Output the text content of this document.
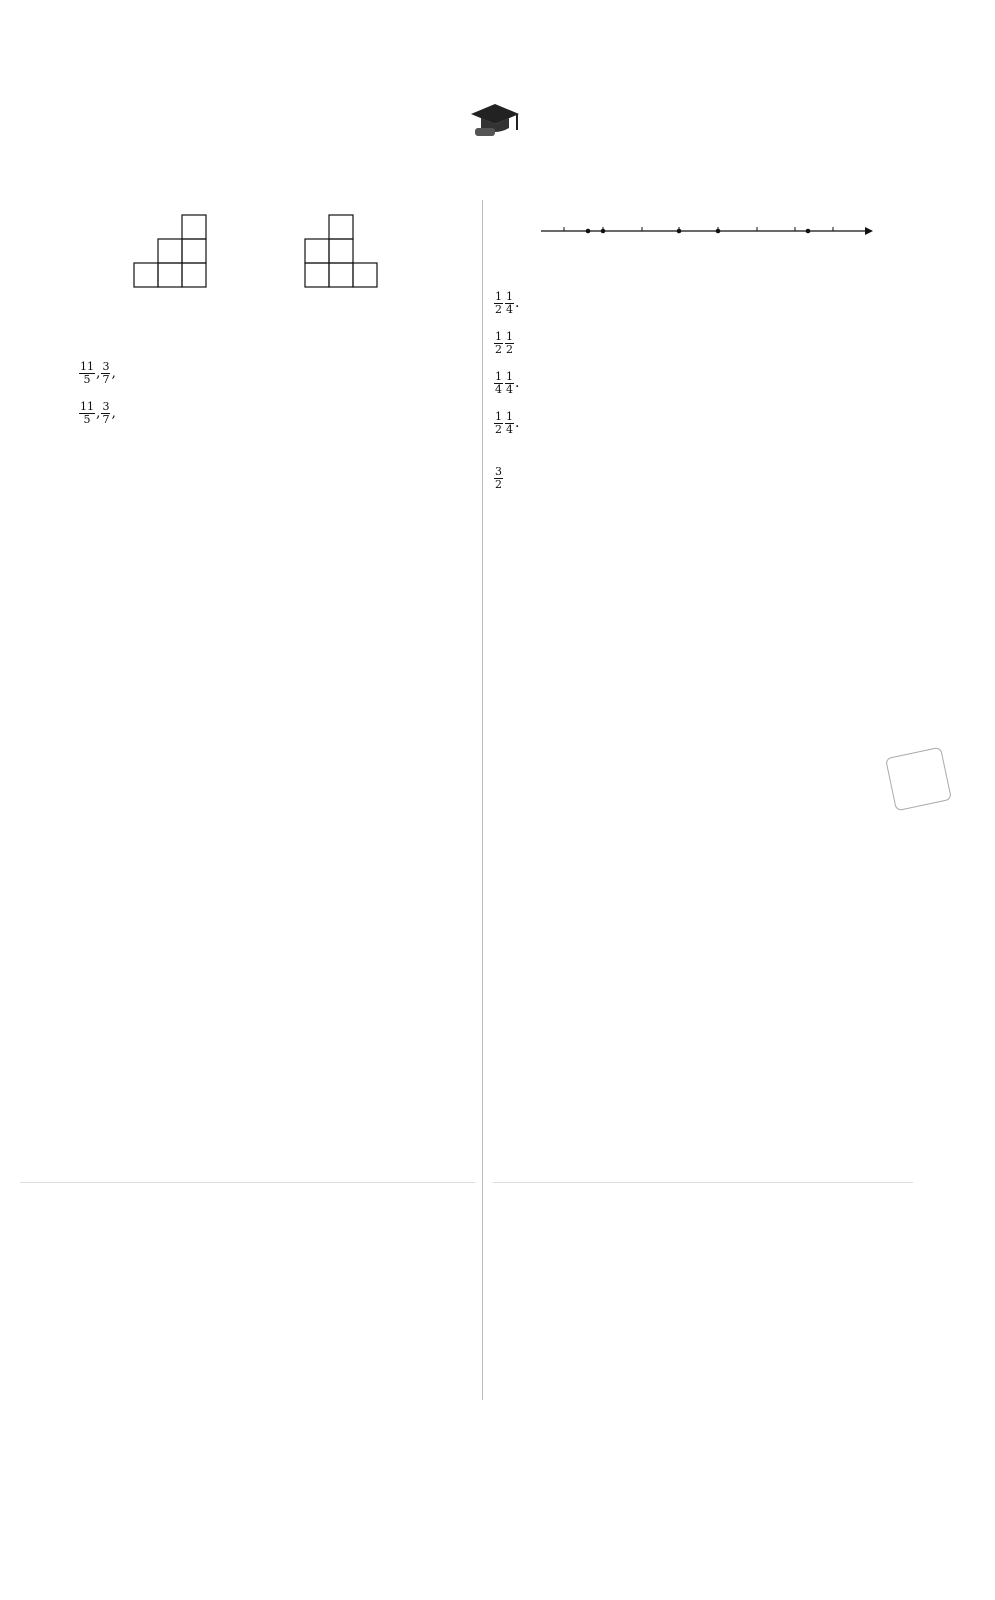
$\frac{11}{5}$ , $\frac{3}{7}$ ,
$\frac{11}{5}$ , $\frac{3}{7}$ ,
$\frac{1}{2} \frac{1}{4}$ .
$\frac{1}{2} \frac{1}{2}$
$\frac{1}{4} \frac{1}{4}$ .
$\frac{1}{2} \frac{1}{4}$ .
$\frac{3}{2}$
